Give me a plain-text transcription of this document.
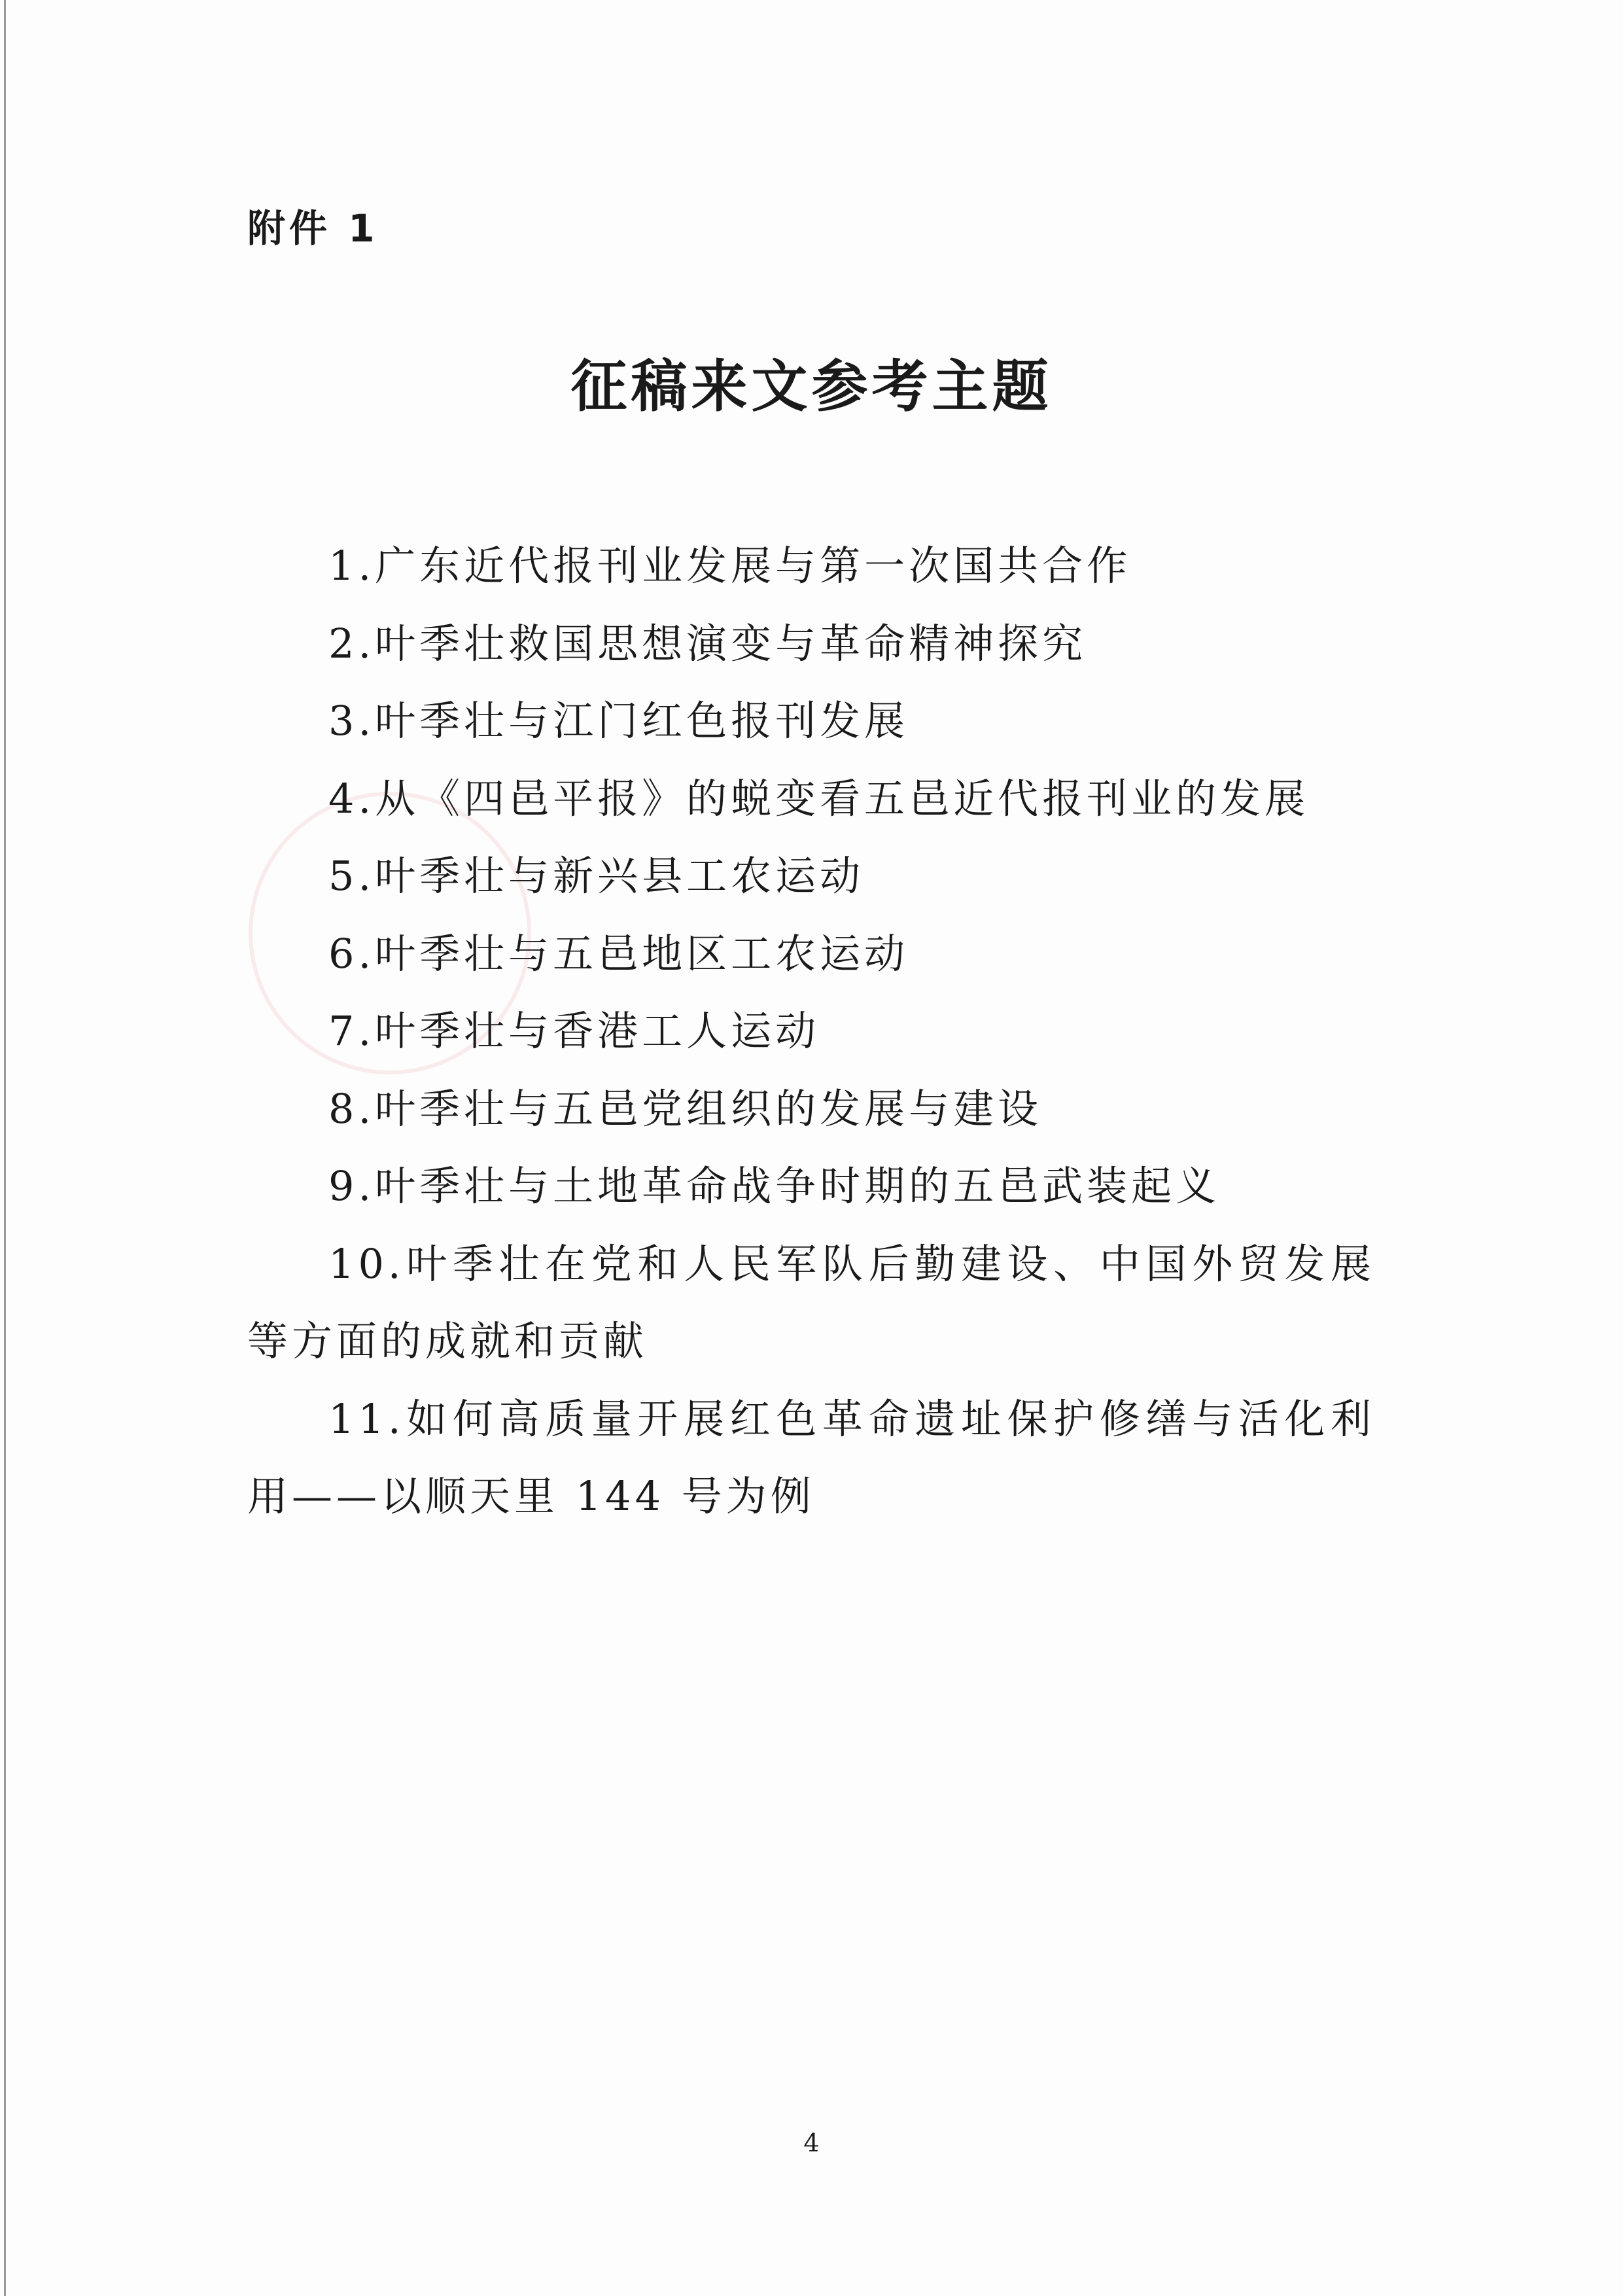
附件 1
征稿来文参考主题
1.广东近代报刊业发展与第一次国共合作
2.叶季壮救国思想演变与革命精神探究
3.叶季壮与江门红色报刊发展
4.从《四邑平报》的蜕变看五邑近代报刊业的发展
5.叶季壮与新兴县工农运动
6.叶季壮与五邑地区工农运动
7.叶季壮与香港工人运动
8.叶季壮与五邑党组织的发展与建设
9.叶季壮与土地革命战争时期的五邑武装起义
10.叶季壮在党和人民军队后勤建设、中国外贸发展等方面的成就和贡献
11.如何高质量开展红色革命遗址保护修缮与活化利用——以顺天里 144 号为例
4
